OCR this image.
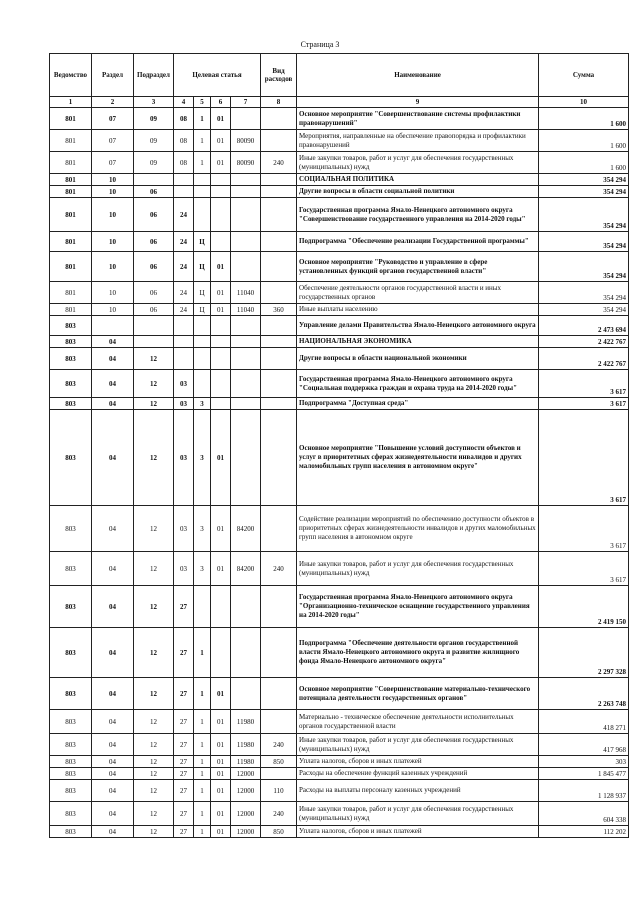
Страница 3
Ведомство	Раздел	Подраздел	Целевая статья				Вид расходов	Наименование	Сумма
1	2	3	4	5	6	7	8	9	10
801	07	09	08	1	01			Основное мероприятие "Совершенствование системы профилактики правонарушений"	1 600
801	07	09	08	1	01	80090		Мероприятия, направленные на обеспечение правопорядка и профилактики правонарушений	1 600
801	07	09	08	1	01	80090	240	Иные закупки товаров, работ и услуг для обеспечения государственных (муниципальных) нужд	1 600
801	10							СОЦИАЛЬНАЯ ПОЛИТИКА	354 294
801	10	06						Другие вопросы в области социальной политики	354 294
801	10	06	24					Государственная программа Ямало-Ненецкого автономного округа "Совершенствование государственного управления на 2014-2020 годы"	354 294
801	10	06	24	Ц				Подпрограмма "Обеспечение реализации Государственной программы"	354 294
801	10	06	24	Ц	01			Основное мероприятие "Руководство и управление в сфере установленных функций органов государственной власти"	354 294
801	10	06	24	Ц	01	11040		Обеспечение деятельности органов государственной власти и иных государственных органов	354 294
801	10	06	24	Ц	01	11040	360	Иные выплаты населению	354 294
803								Управление делами Правительства Ямало-Ненецкого автономного округа	2 473 694
803	04							НАЦИОНАЛЬНАЯ ЭКОНОМИКА	2 422 767
803	04	12						Другие вопросы в области национальной экономики	2 422 767
803	04	12	03					Государственная программа Ямало-Ненецкого автономного округа "Социальная поддержка граждан и охрана труда на 2014-2020 годы"	3 617
803	04	12	03	3				Подпрограмма "Доступная среда"	3 617
803	04	12	03	3	01			Основное мероприятие "Повышение условий доступности объектов и услуг в приоритетных сферах жизнедеятельности инвалидов и других маломобильных групп населения в автономном округе"	3 617
803	04	12	03	3	01	84200		Содействие реализации мероприятий по обеспечению доступности объектов в приоритетных сферах жизнедеятельности инвалидов и других маломобильных групп населения в автономном округе	3 617
803	04	12	03	3	01	84200	240	Иные закупки товаров, работ и услуг для обеспечения государственных (муниципальных) нужд	3 617
803	04	12	27					Государственная программа Ямало-Ненецкого автономного округа "Организационно-техническое оснащение государственного управления на 2014-2020 годы"	2 419 150
803	04	12	27	1				Подпрограмма "Обеспечение деятельности органов государственной власти Ямало-Ненецкого автономного округа и развитие жилищного фонда Ямало-Ненецкого автономного округа"	2 297 328
803	04	12	27	1	01			Основное мероприятие "Совершенствование материально-технического потенциала деятельности государственных органов"	2 263 748
803	04	12	27	1	01	11980		Материально - техническое обеспечение деятельности исполнительных органов государственной власти	418 271
803	04	12	27	1	01	11980	240	Иные закупки товаров, работ и услуг для обеспечения государственных (муниципальных) нужд	417 968
803	04	12	27	1	01	11980	850	Уплата налогов, сборов и иных платежей	303
803	04	12	27	1	01	12000		Расходы на обеспечение функций казенных учреждений	1 845 477
803	04	12	27	1	01	12000	110	Расходы на выплаты персоналу казенных учреждений	1 128 937
803	04	12	27	1	01	12000	240	Иные закупки товаров, работ и услуг для обеспечения государственных (муниципальных) нужд	604 338
803	04	12	27	1	01	12000	850	Уплата налогов, сборов и иных платежей	112 202
